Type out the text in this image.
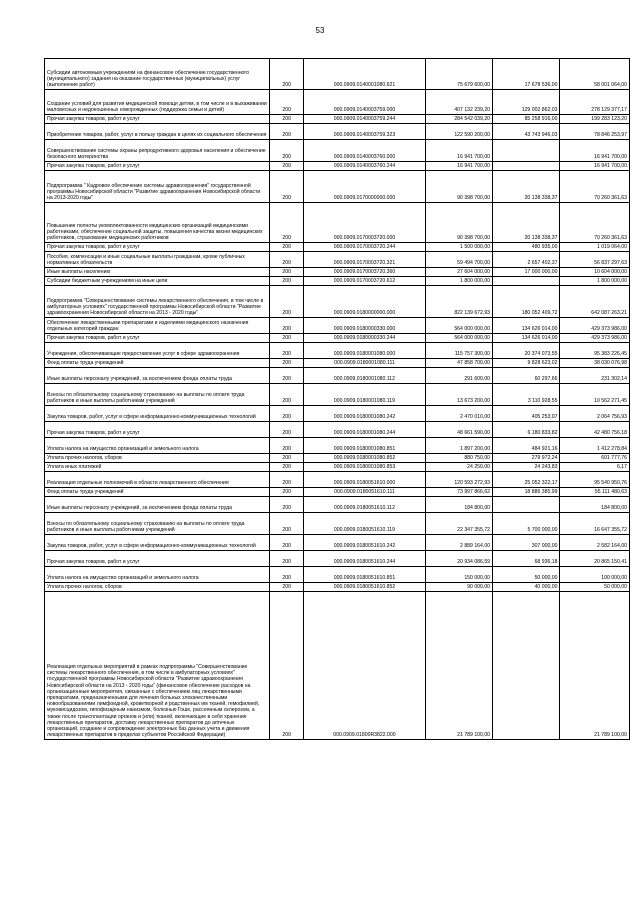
53
Субсидии автономным учреждениям на финансовое обеспечение государственного (муниципального) задания на оказание государственных (муниципальных) услуг (выполнение работ)	200	000.0909.0140001080.621	75 679 600,00	17 678 536,00	58 001 064,00
Создание условий для развития медицинской помощи детям, в том числе и в выхаживании маловесных и недоношенных новорожденных (поддержка семьи и детей)	200	000.0909.0140003759.000	407 132 239,20	129 002 862,03	278 129 377,17
Прочая закупка товаров, работ и услуг	200	000.0909.0140003759.244	284 542 039,20	85 258 916,00	199 283 123,20
Приобретение товаров, работ, услуг в пользу граждан в целях их социального обеспечения	200	000.0909.0140003759.323	122 590 200,00	43 743 946,03	78 846 253,97
Совершенствование системы охраны репродуктивного здоровья населения и обеспечение безопасного материнства	200	000.0909.0140003760.000	16 941 700,00		16 941 700,00
Прочая закупка товаров, работ и услуг	200	000.0909.0140003760.244	16 941 700,00		16 941 700,00
Подпрограмма " Кадровое обеспечение системы здравоохранения" государственной программы Новосибирской области "Развитие здравоохранения Новосибирской области на 2013-2020 годы"	200	000.0909.0170000000.000	90 398 700,00	20 138 338,37	70 260 361,63
Повышение полноты укомплектованности медицинских организаций медицинскими работниками, обеспечение социальной защиты, повышения качества жизни медицинских работников, страхование медицинских работников	200	000.0909.0170003720.000	90 398 700,00	20 138 338,37	70 260 361,63
Прочая закупка товаров, работ и услуг	200	000.0909.0170003720.244	1 500 000,00	480 935,00	1 019 064,00
Пособия, компенсации и иные социальные выплаты гражданам, кроме публичных нормативных обязательств	200	000.0909.0170003720.321	59 494 700,00	2 657 402,37	56 837 297,63
Иные выплаты населению	200	000.0909.0170003720.360	27 604 000,00	17 000 000,00	10 604 000,00
Субсидии бюджетным учреждениям на иные цели	200	000.0909.0170003720.612	1 800 000,00		1 800 000,00
Подпрограмма "Совершенствование системы лекарственного обеспечения, в том числе в амбулаторных условиях" государственной программы Новосибирской области "Развитие здравоохранения Новосибирской области на 2013 - 2020 годы"	200	000.0909.0180000000.000	822 139 672,93	180 052 409,72	642 087 263,21
Обеспечение лекарственными препаратами и изделиями медицинского назначения отдельных категорий граждан	200	000.0909.0180000330.000	564 000 000,00	134 626 014,00	429 373 986,00
Прочая закупка товаров, работ и услуг	200	000.0909.0180000330.244	564 000 000,00	134 626 014,00	429 373 986,00
Учреждения, обеспечивающие предоставление услуг в сфере здравоохранения	200	000.0909.0180001080.000	115 757 300,00	20 374 073,55	95 383 226,45
Фонд оплаты труда учреждений	200	000.0909.0180001080.111	47 858 700,00	9 828 623,02	38 030 076,98
Иные выплаты персоналу учреждений, за исключением фонда оплаты труда	200	000.0909.0180001080.112	291 600,00	60 297,66	231 302,14
Взносы по обязательному социальному страхованию на выплаты по оплате труда работников и иные выплаты работникам учреждений	200	000.0909.0180001080.119	13 673 200,00	3 110 928,55	10 562 271,45
Закупка товаров, работ, услуг в сфере информационно-коммуникационных технологий	200	000.0909.0180001080.242	2 470 010,00	405 253,07	2 064 756,93
Прочая закупка товаров, работ и услуг	200	000.0909.0180001080.244	48 661 590,00	6 180 833,82	42 480 756,18
Уплата налога на имущество организаций и земельного налога	200	000.0909.0180001080.851	1 897 200,00	484 921,16	1 412 278,84
Уплата прочих налогов, сборов	200	000.0909.0180001080.852	880 750,00	279 972,24	601 777,76
Уплата иных платежей	200	000.0909.0180001080.853	24 250,00	24 243,83	6,17
Реализация отдельных полномочий в области лекарственного обеспечения	200	000.0909.0180051610.000	120 593 272,93	25 052 322,17	95 540 950,76
Фонд оплаты труда учреждений	200	000.0909.0180051610.111	73 997 866,62	18 886 385,99	55 111 480,63
Иные выплаты персоналу учреждений, за исключением фонда оплаты труда	200	000.0909.0180051610.112	184 800,00		184 800,00
Взносы по обязательному социальному страхованию на выплаты по оплате труда работников и иные выплаты работникам учреждений	200	000.0909.0180051610.119	22 347 355,72	5 700 000,00	16 647 355,72
Закупка товаров, работ, услуг в сфере информационно-коммуникационных технологий	200	000.0909.0180051610.242	2 889 164,00	307 000,00	2 582 164,00
Прочая закупка товаров, работ и услуг	200	000.0909.0180051610.244	20 934 086,59	68 936,18	20 865 150,41
Уплата налога на имущество организаций и земельного налога	200	000.0909.0180051610.851	150 000,00	50 000,00	100 000,00
Уплата прочих налогов, сборов	200	000.0909.0180051610.852	90 000,00	40 000,00	50 000,00
Реализация отдельных мероприятий в рамках подпрограммы "Совершенствование системы лекарственного обеспечения, в том числе в амбулаторных условиях" государственной программы Новосибирской области "Развитие здравоохранения Новосибирской области на 2013 - 2020 годы" (финансовое обеспечение расходов на организационные мероприятия, связанные с обеспечением лиц лекарственными препаратами, предназначенными для лечения больных злокачественными новообразованиями лимфоидной, кроветворной и родственных им тканей, гемофилией, муковисцидозом, гипофизарным нанизмом, болезнью Гоше, рассеянным склерозом, а также после трансплантации органов и (или) тканей, включающие в себя хранение лекарственных препаратов, доставку лекарственных препаратов до аптечных организаций, создание и сопровождение электронных баз данных учета и движения лекарственных препаратов в пределах субъектов Российской Федерации)	200	000.0909.01800R3822.000	21 789 100,00		21 789 100,00
